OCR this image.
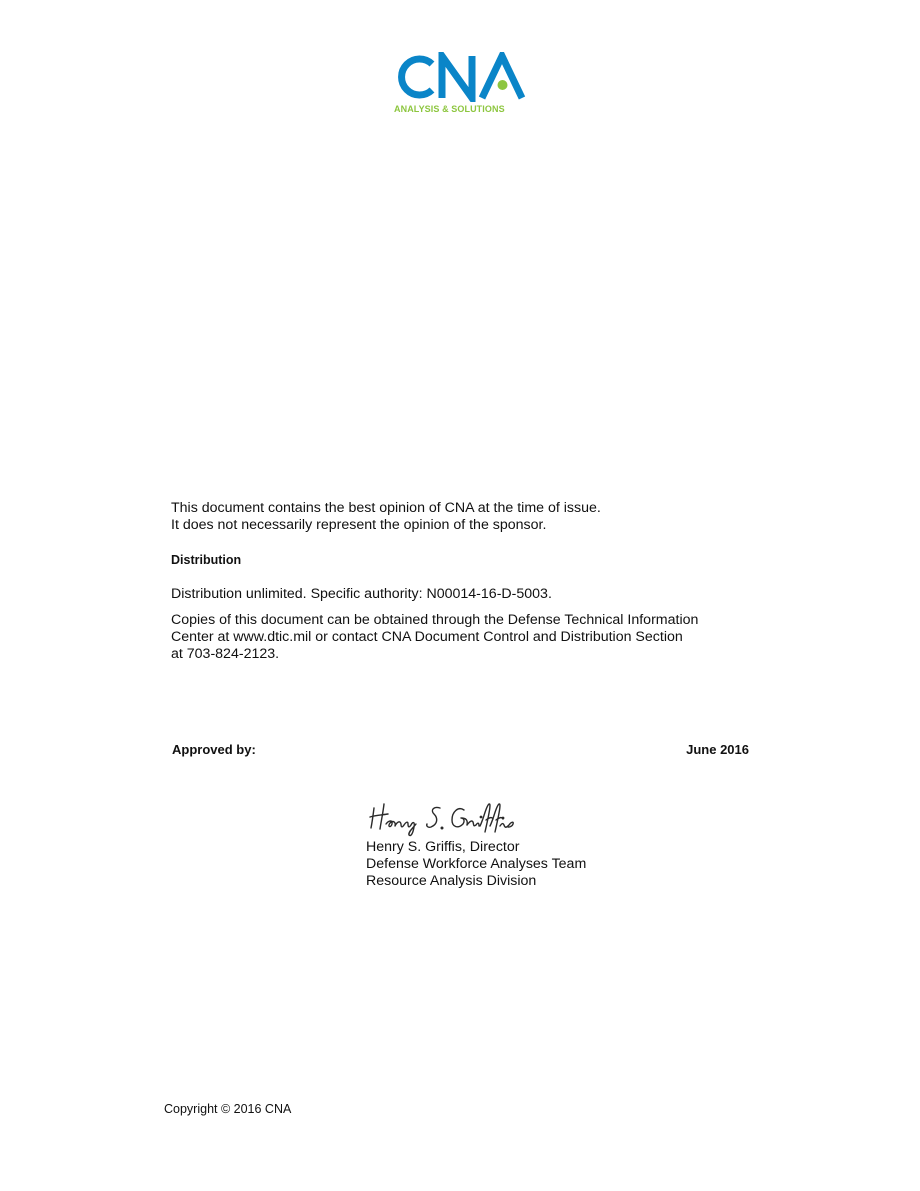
ANALYSIS & SOLUTIONS
This document contains the best opinion of CNA at the time of issue.
It does not necessarily represent the opinion of the sponsor.
Distribution
Distribution unlimited. Specific authority: N00014-16-D-5003.
Copies of this document can be obtained through the Defense Technical Information
Center at www.dtic.mil or contact CNA Document Control and Distribution Section
at 703-824-2123.
Approved by:	June 2016
Henry S. Griffis, Director
Defense Workforce Analyses Team
Resource Analysis Division
Copyright © 2016 CNA
